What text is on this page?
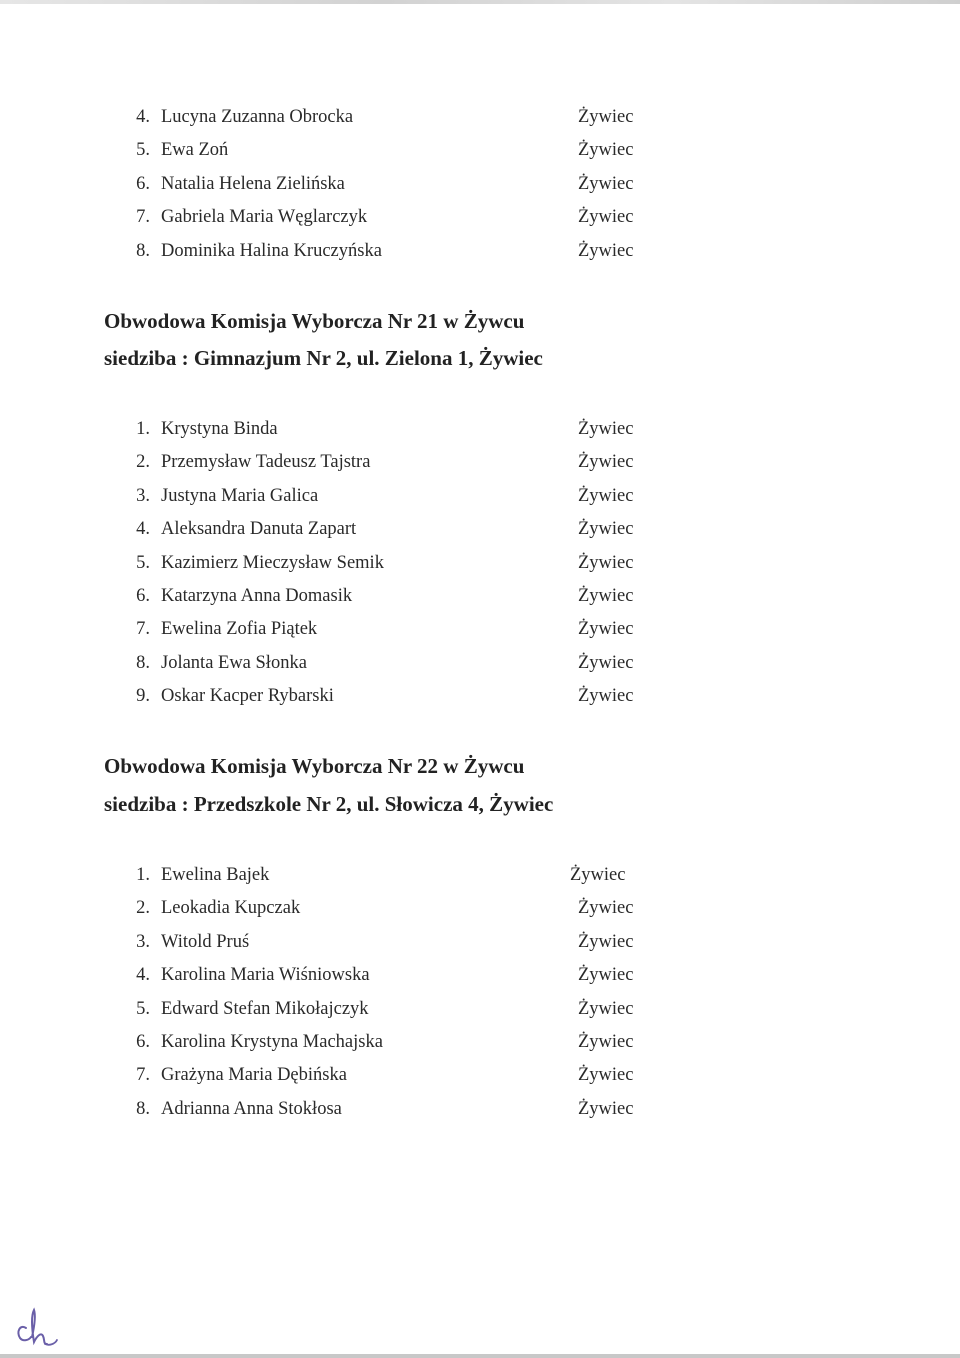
4. Lucyna Zuzanna Obrocka	Żywiec
5. Ewa Zoń	Żywiec
6. Natalia Helena Zielińska	Żywiec
7. Gabriela Maria Węglarczyk	Żywiec
8. Dominika Halina Kruczyńska	Żywiec
Obwodowa Komisja Wyborcza Nr 21 w Żywcu
siedziba : Gimnazjum Nr 2, ul. Zielona 1, Żywiec
1. Krystyna Binda	Żywiec
2. Przemysław Tadeusz Tajstra	Żywiec
3. Justyna Maria Galica	Żywiec
4. Aleksandra Danuta Zapart	Żywiec
5. Kazimierz Mieczysław Semik	Żywiec
6. Katarzyna Anna Domasik	Żywiec
7. Ewelina Zofia Piątek	Żywiec
8. Jolanta Ewa Słonka	Żywiec
9. Oskar Kacper Rybarski	Żywiec
Obwodowa Komisja Wyborcza Nr 22 w Żywcu
siedziba : Przedszkole Nr 2, ul. Słowicza 4, Żywiec
1. Ewelina Bajek	Żywiec
2. Leokadia Kupczak	Żywiec
3. Witold Pruś	Żywiec
4. Karolina Maria Wiśniowska	Żywiec
5. Edward Stefan Mikołajczyk	Żywiec
6. Karolina Krystyna Machajska	Żywiec
7. Grażyna Maria Dębińska	Żywiec
8. Adrianna Anna Stokłosa	Żywiec
